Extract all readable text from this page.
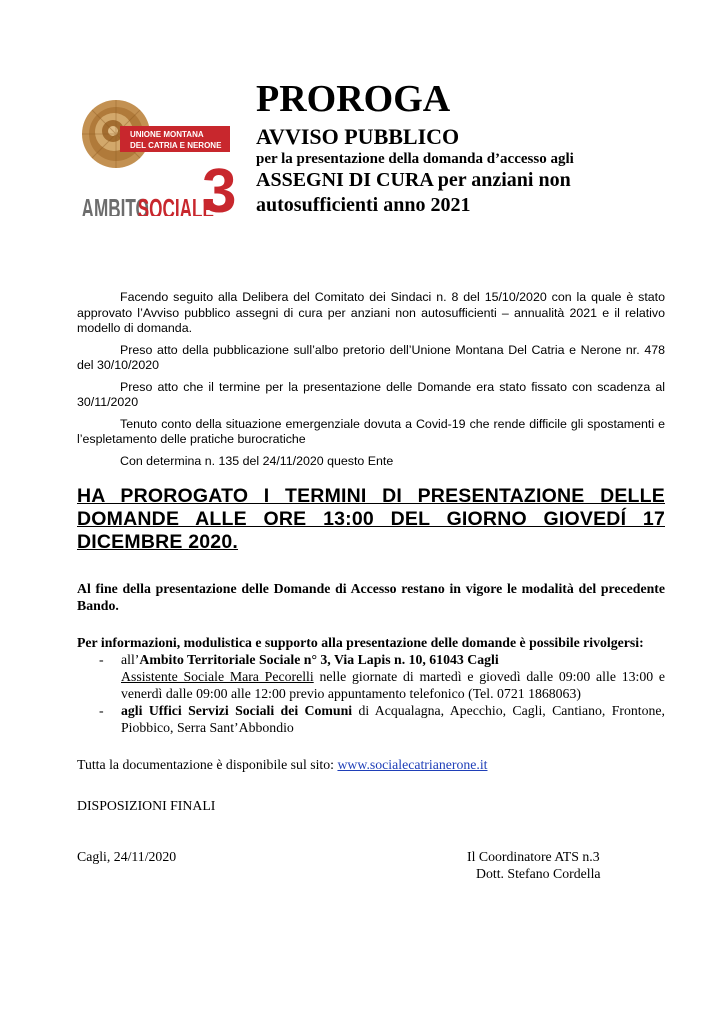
UNIONE MONTANA
DEL CATRIA E NERONE
AMBITO
SOCIALE
3
PROROGA
AVVISO PUBBLICO
per la presentazione della domanda d’accesso agli
ASSEGNI DI CURA per anziani non autosufficienti anno 2021

Facendo seguito alla Delibera del Comitato dei Sindaci n. 8 del 15/10/2020 con la quale è stato approvato l’Avviso pubblico assegni di cura per anziani non autosufficienti – annualità 2021 e il relativo modello di domanda.

Preso atto della pubblicazione sull’albo pretorio dell’Unione Montana Del Catria e Nerone nr. 478 del 30/10/2020

Preso atto che il termine per la presentazione delle Domande era stato fissato con scadenza al 30/11/2020

Tenuto conto della situazione emergenziale dovuta a Covid-19 che rende difficile gli spostamenti e l’espletamento delle pratiche burocratiche

Con determina n. 135 del 24/11/2020 questo Ente

HA PROROGATO I TERMINI DI PRESENTAZIONE DELLE DOMANDE ALLE ORE 13:00 DEL GIORNO GIOVEDÍ 17 DICEMBRE 2020.

Al fine della presentazione delle Domande di Accesso restano in vigore le modalità del precedente Bando.

Per informazioni, modulistica e supporto alla presentazione delle domande è possibile rivolgersi:

- all’Ambito Territoriale Sociale n° 3, Via Lapis n. 10, 61043 Cagli
Assistente Sociale Mara Pecorelli nelle giornate di martedì e giovedì dalle 09:00 alle 13:00 e venerdì dalle 09:00 alle 12:00 previo appuntamento telefonico (Tel. 0721 1868063)
- agli Uffici Servizi Sociali dei Comuni di Acqualagna, Apecchio, Cagli, Cantiano, Frontone, Piobbico, Serra Sant’Abbondio

Tutta la documentazione è disponibile sul sito: www.socialecatrianerone.it

DISPOSIZIONI FINALI

Cagli, 24/11/2020	Il Coordinatore ATS n.3
Dott. Stefano Cordella
